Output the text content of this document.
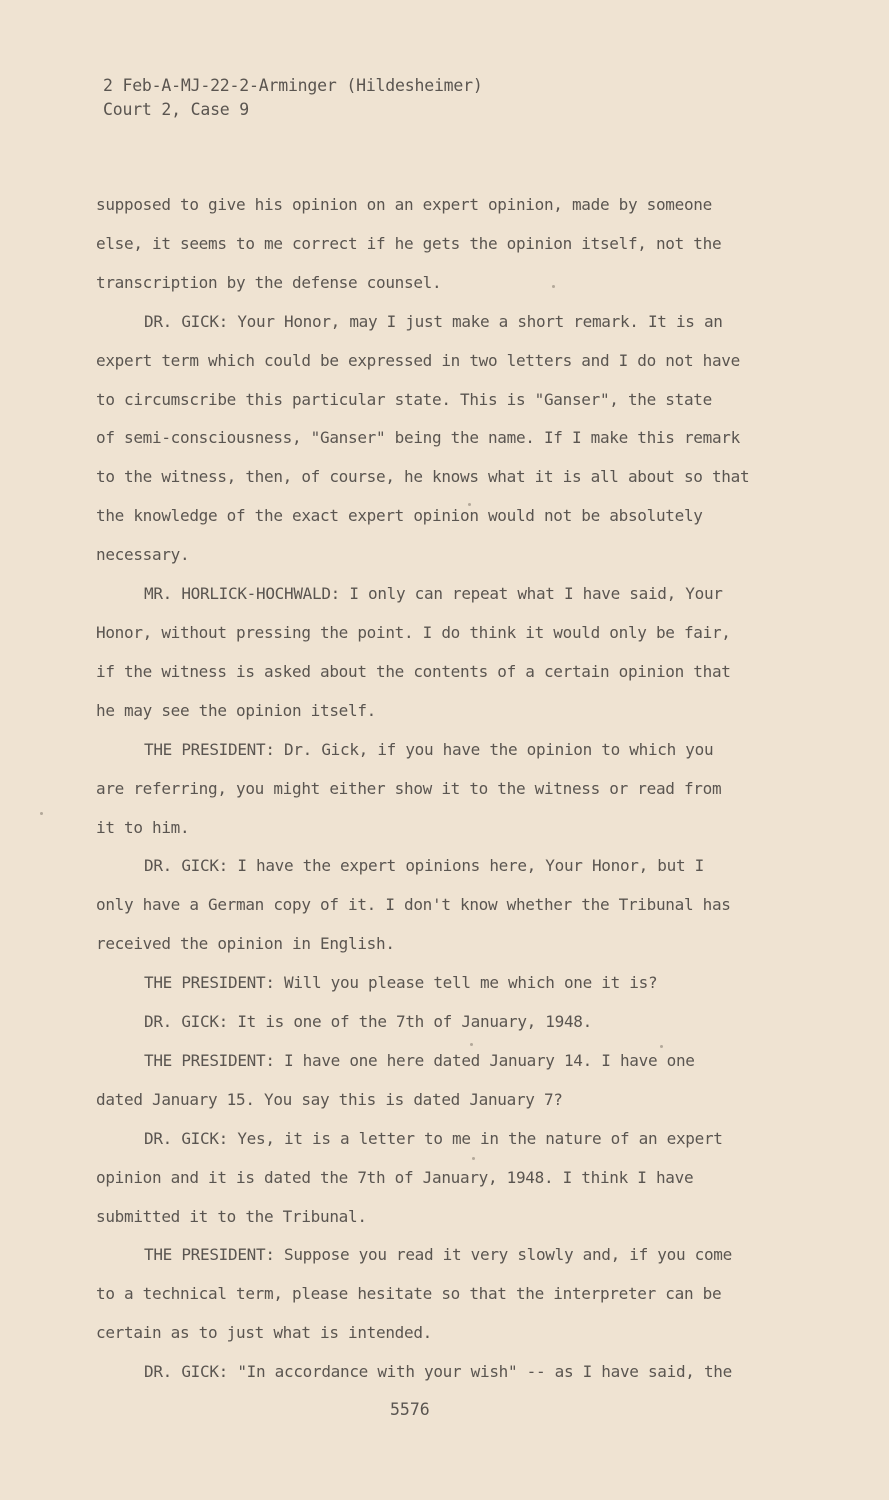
2 Feb-A-MJ-22-2-Arminger (Hildesheimer)
Court 2, Case 9
supposed to give his opinion on an expert opinion, made by someone
else, it seems to me correct if he gets the opinion itself, not the
transcription by the defense counsel.
DR. GICK: Your Honor, may I just make a short remark. It is an
expert term which could be expressed in two letters and I do not have
to circumscribe this particular state. This is "Ganser", the state
of semi-consciousness, "Ganser" being the name. If I make this remark
to the witness, then, of course, he knows what it is all about so that
the knowledge of the exact expert opinion would not be absolutely
necessary.
MR. HORLICK-HOCHWALD: I only can repeat what I have said, Your
Honor, without pressing the point. I do think it would only be fair,
if the witness is asked about the contents of a certain opinion that
he may see the opinion itself.
THE PRESIDENT: Dr. Gick, if you have the opinion to which you
are referring, you might either show it to the witness or read from
it to him.
DR. GICK: I have the expert opinions here, Your Honor, but I
only have a German copy of it. I don't know whether the Tribunal has
received the opinion in English.
THE PRESIDENT: Will you please tell me which one it is?
DR. GICK: It is one of the 7th of January, 1948.
THE PRESIDENT: I have one here dated January 14. I have one
dated January 15. You say this is dated January 7?
DR. GICK: Yes, it is a letter to me in the nature of an expert
opinion and it is dated the 7th of January, 1948. I think I have
submitted it to the Tribunal.
THE PRESIDENT: Suppose you read it very slowly and, if you come
to a technical term, please hesitate so that the interpreter can be
certain as to just what is intended.
DR. GICK: "In accordance with your wish" -- as I have said, the
5576
